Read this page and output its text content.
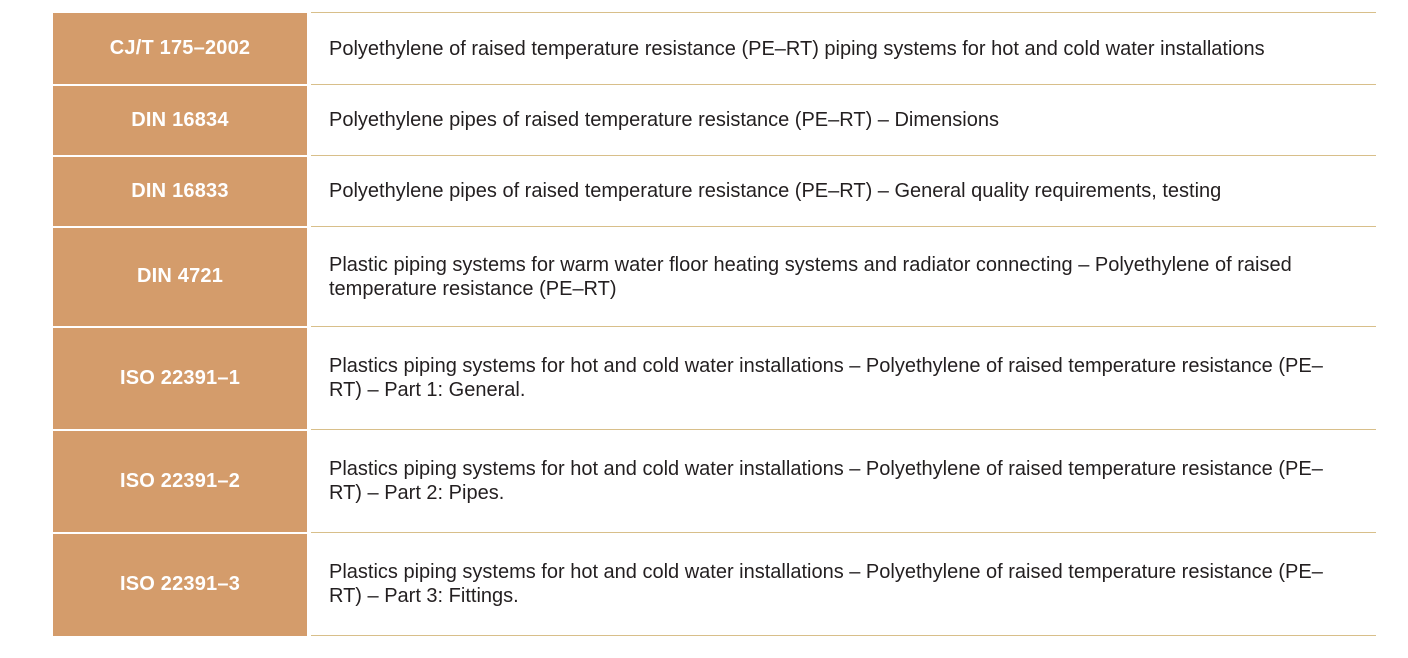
CJ/T 175–2002		Polyethylene of raised temperature resistance (PE–RT) piping systems for hot and cold water installations
DIN 16834		Polyethylene pipes of raised temperature resistance (PE–RT) – Dimensions
DIN 16833		Polyethylene pipes of raised temperature resistance (PE–RT) – General quality requirements, testing
DIN 4721		Plastic piping systems for warm water floor heating systems and radiator connecting – Polyethylene of raised temperature resistance (PE–RT)
ISO 22391–1		Plastics piping systems for hot and cold water installations – Polyethylene of raised temperature resistance (PE–RT) – Part 1: General.
ISO 22391–2		Plastics piping systems for hot and cold water installations – Polyethylene of raised temperature resistance (PE–RT) – Part 2: Pipes.
ISO 22391–3		Plastics piping systems for hot and cold water installations – Polyethylene of raised temperature resistance (PE–RT) – Part 3: Fittings.
